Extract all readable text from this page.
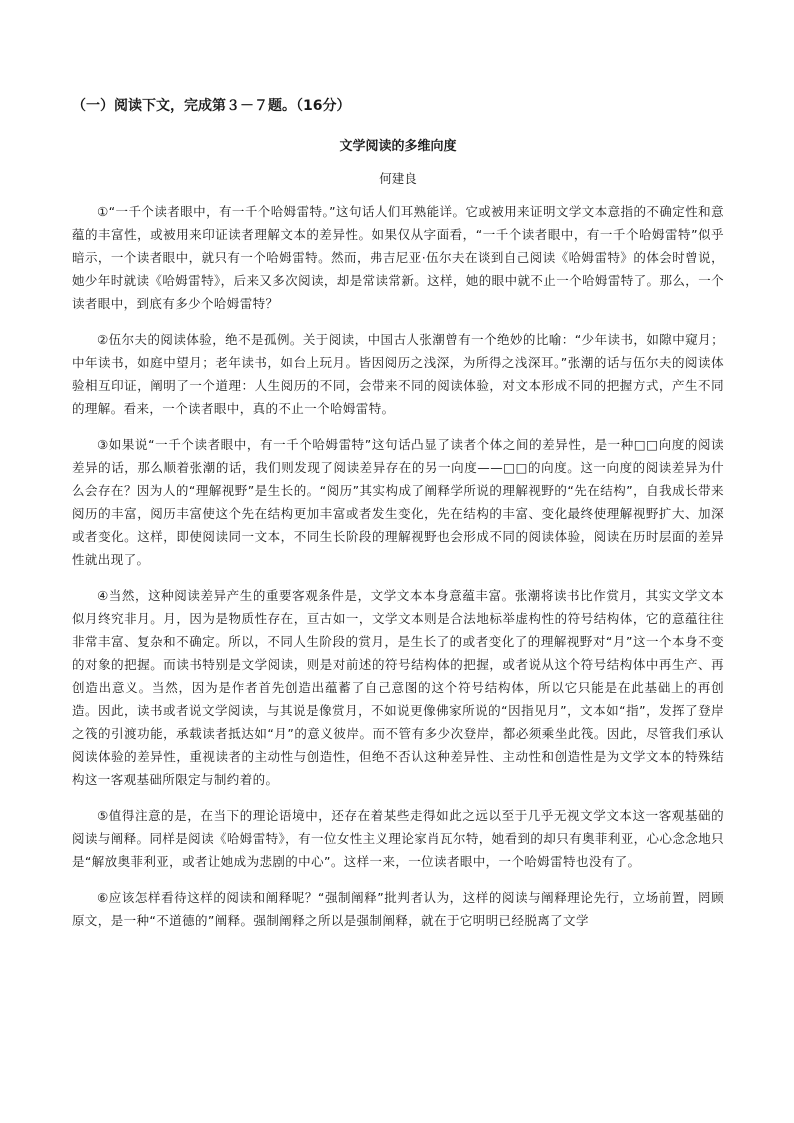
（一）阅读下文，完成第３－７题。（16分）
文学阅读的多维向度
何建良

①“一千个读者眼中，有一千个哈姆雷特。”这句话人们耳熟能详。它或被用来证明文学文本意指的不确定性和意蕴的丰富性，或被用来印证读者理解文本的差异性。如果仅从字面看，“一千个读者眼中，有一千个哈姆雷特”似乎暗示，一个读者眼中，就只有一个哈姆雷特。然而，弗吉尼亚·伍尔夫在谈到自己阅读《哈姆雷特》的体会时曾说，她少年时就读《哈姆雷特》，后来又多次阅读，却是常读常新。这样，她的眼中就不止一个哈姆雷特了。那么，一个读者眼中，到底有多少个哈姆雷特？

②伍尔夫的阅读体验，绝不是孤例。关于阅读，中国古人张潮曾有一个绝妙的比喻：“少年读书，如隙中窥月；中年读书，如庭中望月；老年读书，如台上玩月。皆因阅历之浅深，为所得之浅深耳。”张潮的话与伍尔夫的阅读体验相互印证，阐明了一个道理：人生阅历的不同，会带来不同的阅读体验，对文本形成不同的把握方式，产生不同的理解。看来，一个读者眼中，真的不止一个哈姆雷特。

③如果说“一千个读者眼中，有一千个哈姆雷特”这句话凸显了读者个体之间的差异性，是一种□□向度的阅读差异的话，那么顺着张潮的话，我们则发现了阅读差异存在的另一向度——□□的向度。这一向度的阅读差异为什么会存在？因为人的“理解视野”是生长的。“阅历”其实构成了阐释学所说的理解视野的“先在结构”，自我成长带来阅历的丰富，阅历丰富使这个先在结构更加丰富或者发生变化，先在结构的丰富、变化最终使理解视野扩大、加深或者变化。这样，即使阅读同一文本，不同生长阶段的理解视野也会形成不同的阅读体验，阅读在历时层面的差异性就出现了。

④当然，这种阅读差异产生的重要客观条件是，文学文本本身意蕴丰富。张潮将读书比作赏月，其实文学文本似月终究非月。月，因为是物质性存在，亘古如一，文学文本则是合法地标举虚构性的符号结构体，它的意蕴往往非常丰富、复杂和不确定。所以，不同人生阶段的赏月，是生长了的或者变化了的理解视野对“月”这一个本身不变的对象的把握。而读书特别是文学阅读，则是对前述的符号结构体的把握，或者说从这个符号结构体中再生产、再创造出意义。当然，因为是作者首先创造出蕴蓄了自己意图的这个符号结构体，所以它只能是在此基础上的再创造。因此，读书或者说文学阅读，与其说是像赏月，不如说更像佛家所说的“因指见月”，文本如“指”，发挥了登岸之筏的引渡功能，承载读者抵达如“月”的意义彼岸。而不管有多少次登岸，都必须乘坐此筏。因此，尽管我们承认阅读体验的差异性，重视读者的主动性与创造性，但绝不否认这种差异性、主动性和创造性是为文学文本的特殊结构这一客观基础所限定与制约着的。

⑤值得注意的是，在当下的理论语境中，还存在着某些走得如此之远以至于几乎无视文学文本这一客观基础的阅读与阐释。同样是阅读《哈姆雷特》，有一位女性主义理论家肖瓦尔特，她看到的却只有奥菲利亚，心心念念地只是“解放奥菲利亚，或者让她成为悲剧的中心”。这样一来，一位读者眼中，一个哈姆雷特也没有了。

⑥应该怎样看待这样的阅读和阐释呢？“强制阐释”批判者认为，这样的阅读与阐释理论先行，立场前置，罔顾原文，是一种“不道德的”阐释。强制阐释之所以是强制阐释，就在于它明明已经脱离了文学
